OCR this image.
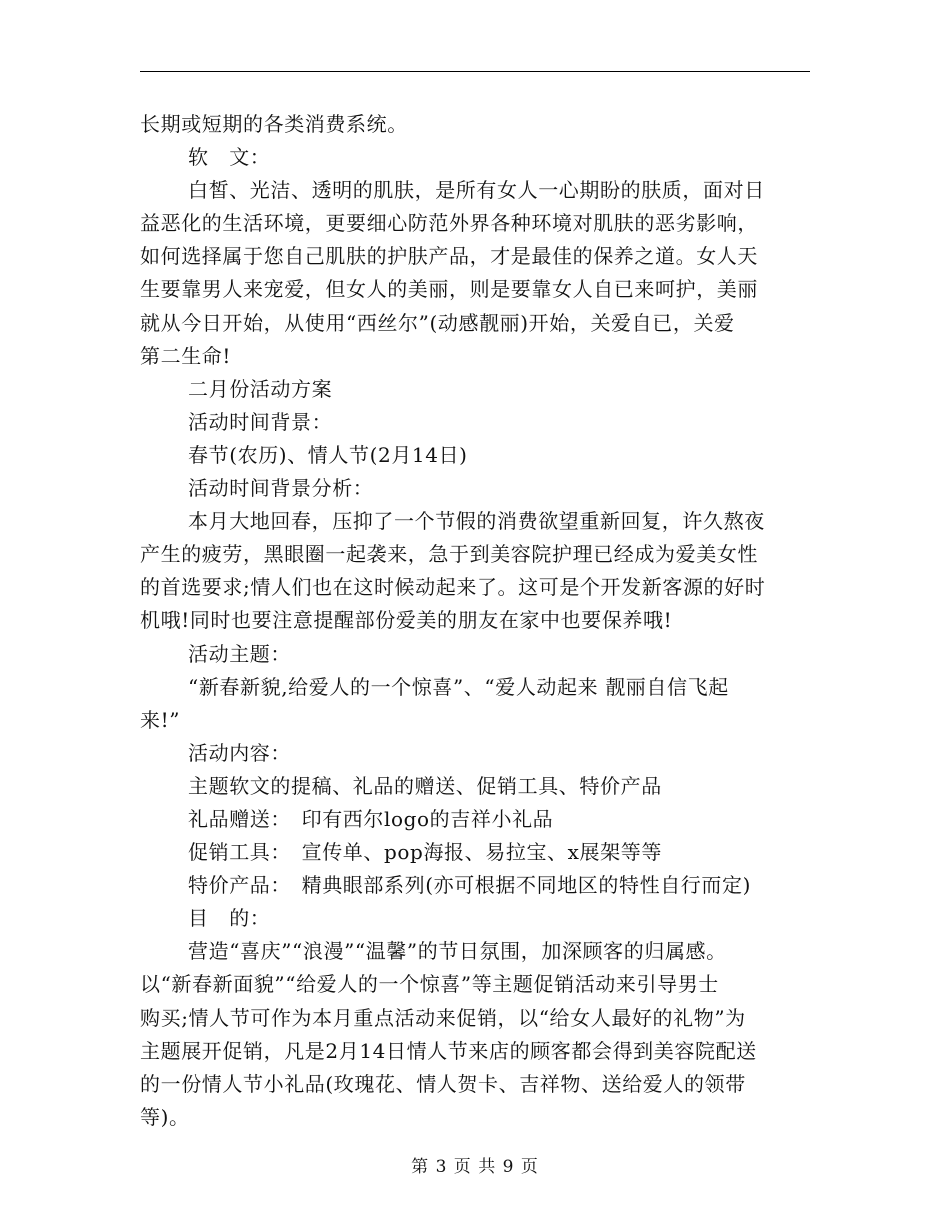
长期或短期的各类消费系统。
软　文：
白皙、光洁、透明的肌肤，是所有女人一心期盼的肤质，面对日
益恶化的生活环境，更要细心防范外界各种环境对肌肤的恶劣影响，
如何选择属于您自己肌肤的护肤产品，才是最佳的保养之道。女人天
生要靠男人来宠爱，但女人的美丽，则是要靠女人自已来呵护，美丽
就从今日开始，从使用“西丝尔”(动感靓丽)开始，关爱自已，关爱
第二生命!
二月份活动方案
活动时间背景：
春节(农历)、情人节(2月14日)
活动时间背景分析：
本月大地回春，压抑了一个节假的消费欲望重新回复，许久熬夜
产生的疲劳，黑眼圈一起袭来，急于到美容院护理已经成为爱美女性
的首选要求;情人们也在这时候动起来了。这可是个开发新客源的好时
机哦!同时也要注意提醒部份爱美的朋友在家中也要保养哦!
活动主题：
“新春新貌,给爱人的一个惊喜”、“爱人动起来 靓丽自信飞起
来!”
活动内容：
主题软文的提稿、礼品的赠送、促销工具、特价产品
礼品赠送：　印有西尔logo的吉祥小礼品
促销工具：　宣传单、pop海报、易拉宝、x展架等等
特价产品：　精典眼部系列(亦可根据不同地区的特性自行而定)
目　的：
营造“喜庆”“浪漫”“温馨”的节日氛围，加深顾客的归属感。
以“新春新面貌”“给爱人的一个惊喜”等主题促销活动来引导男士
购买;情人节可作为本月重点活动来促销，以“给女人最好的礼物”为
主题展开促销，凡是2月14日情人节来店的顾客都会得到美容院配送
的一份情人节小礼品(玫瑰花、情人贺卡、吉祥物、送给爱人的领带
等)。
第 3 页 共 9 页
